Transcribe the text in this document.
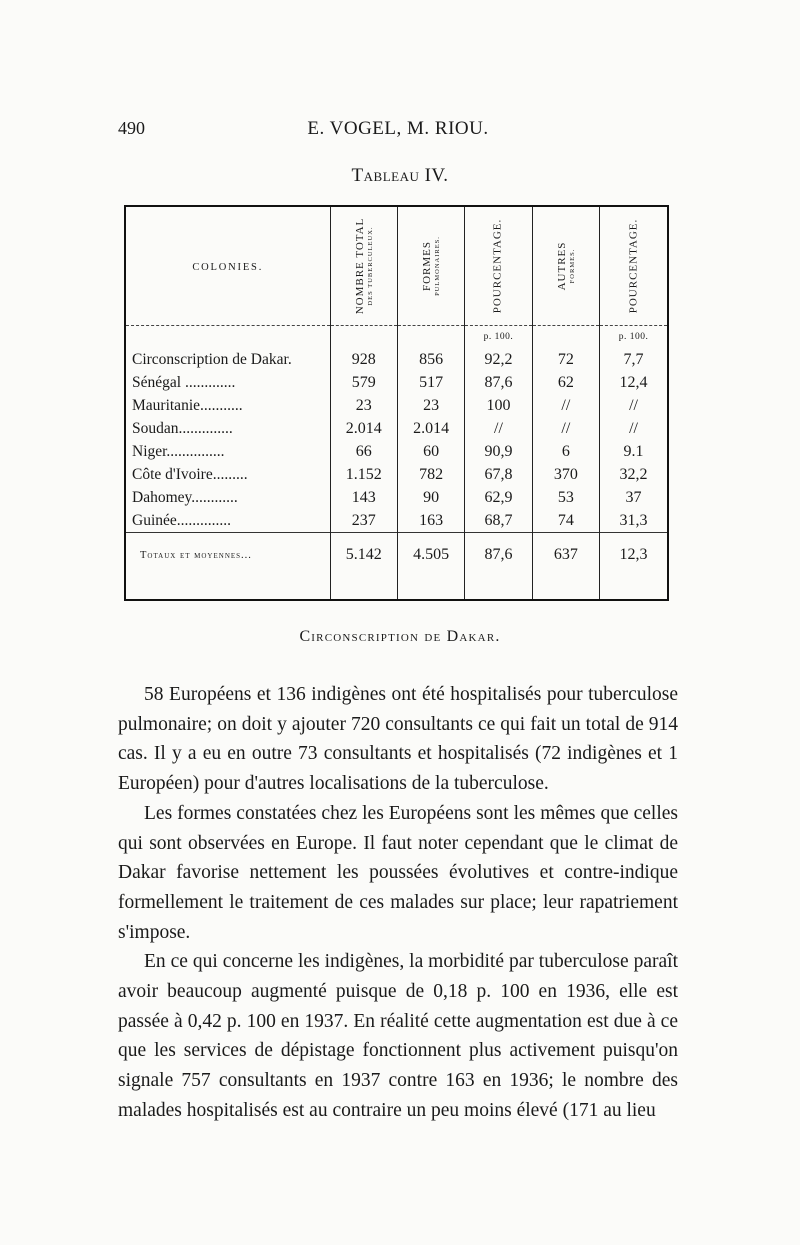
490	E. VOGEL, M. RIOU.
Tableau IV.
COLONIES.	NOMBRE TOTAL DES TUBERCULEUX.	FORMES PULMONAIRES.	POURCENTAGE.	AUTRES FORMES.	POURCENTAGE.

			p. 100.		p. 100.
Circonscription de Dakar.	928	856	92,2	72	7,7
Sénégal .............	579	517	87,6	62	12,4
Mauritanie...........	23	23	100	//	//
Soudan..............	2.014	2.014	//	//	//
Niger...............	66	60	90,9	6	9.1
Côte d'Ivoire.........	1.152	782	67,8	370	32,2
Dahomey............	143	90	62,9	53	37
Guinée..............	237	163	68,7	74	31,3
Totaux et moyennes...	5.142	4.505	87,6	637	12,3

Circonscription de Dakar.

58 Européens et 136 indigènes ont été hospitalisés pour tuberculose pulmonaire; on doit y ajouter 720 consultants ce qui fait un total de 914 cas. Il y a eu en outre 73 consultants et hospitalisés (72 indigènes et 1 Européen) pour d'autres localisations de la tuberculose.

Les formes constatées chez les Européens sont les mêmes que celles qui sont observées en Europe. Il faut noter cependant que le climat de Dakar favorise nettement les poussées évolutives et contre-indique formellement le traitement de ces malades sur place; leur rapatriement s'impose.

En ce qui concerne les indigènes, la morbidité par tuberculose paraît avoir beaucoup augmenté puisque de 0,18 p. 100 en 1936, elle est passée à 0,42 p. 100 en 1937. En réalité cette augmentation est due à ce que les services de dépistage fonctionnent plus activement puisqu'on signale 757 consultants en 1937 contre 163 en 1936; le nombre des malades hospitalisés est au contraire un peu moins élevé (171 au lieu
